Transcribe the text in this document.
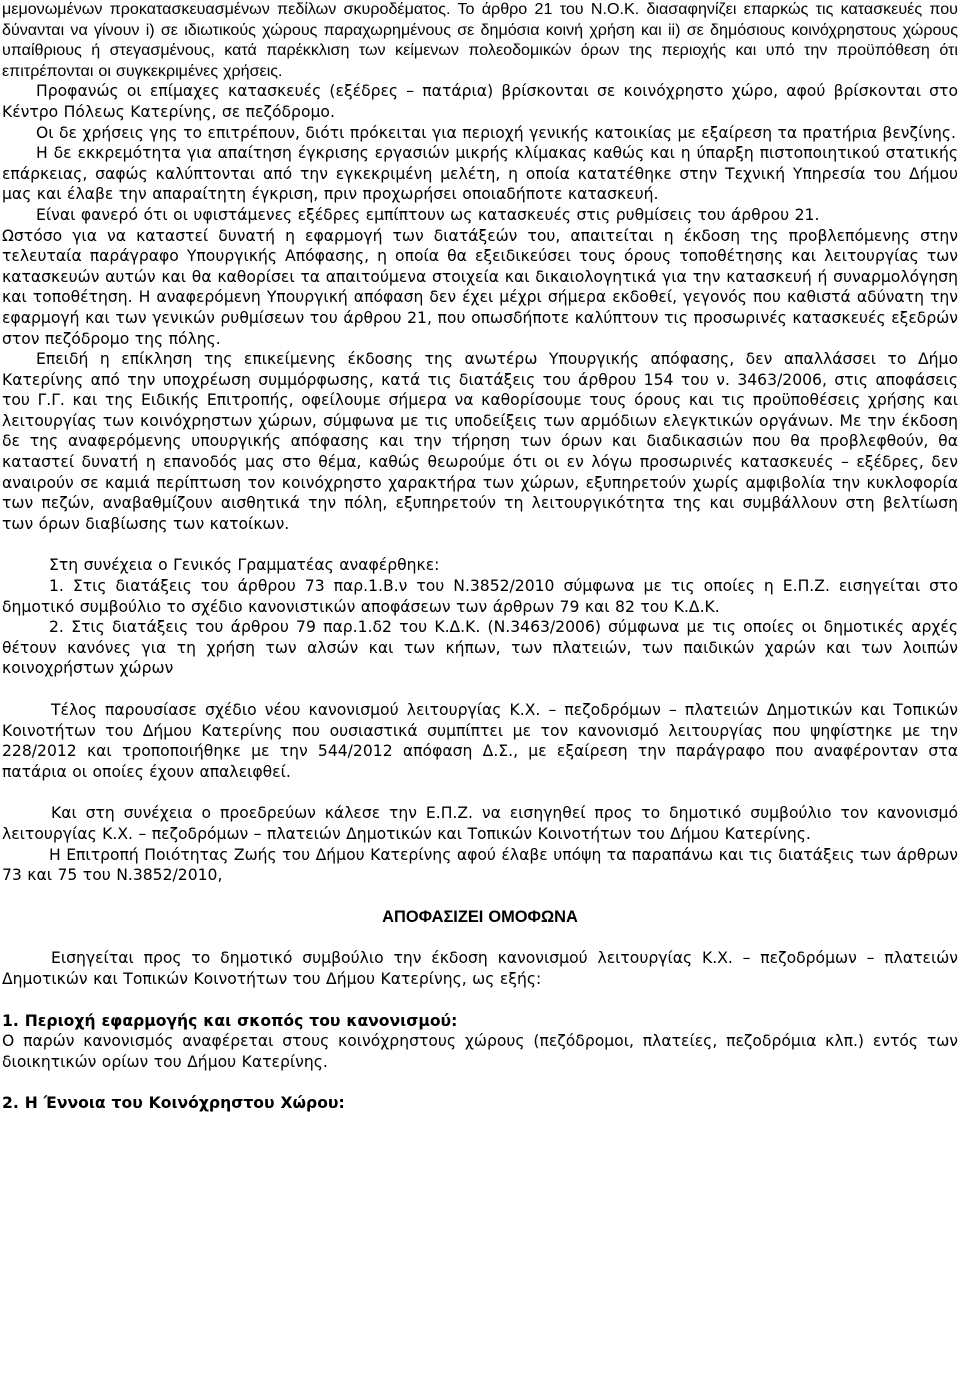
μεμονωμένων προκατασκευασμένων πεδίλων σκυροδέματος. Το άρθρο 21 του Ν.Ο.Κ. διασαφηνίζει επαρκώς τις κατασκευές που δύνανται να γίνουν i) σε ιδιωτικούς χώρους παραχωρημένους σε δημόσια κοινή χρήση και ii) σε δημόσιους κοινόχρηστους χώρους υπαίθριους ή στεγασμένους, κατά παρέκκλιση των κείμενων πολεοδομικών όρων της περιοχής και υπό την προϋπόθεση ότι επιτρέπονται οι συγκεκριμένες χρήσεις.

Προφανώς οι επίμαχες κατασκευές (εξέδρες – πατάρια) βρίσκονται σε κοινόχρηστο χώρο, αφού βρίσκονται στο Κέντρο Πόλεως Κατερίνης, σε πεζόδρομο.

Οι δε χρήσεις γης το επιτρέπουν, διότι πρόκειται για περιοχή γενικής κατοικίας με εξαίρεση τα πρατήρια βενζίνης.

Η δε εκκρεμότητα για απαίτηση έγκρισης εργασιών μικρής κλίμακας καθώς και η ύπαρξη πιστοποιητικού στατικής επάρκειας, σαφώς καλύπτονται από την εγκεκριμένη μελέτη, η οποία κατατέθηκε στην Τεχνική Υπηρεσία του Δήμου μας και έλαβε την απαραίτητη έγκριση, πριν προχωρήσει οποιαδήποτε κατασκευή.

Είναι φανερό ότι οι υφιστάμενες εξέδρες εμπίπτουν ως κατασκευές στις ρυθμίσεις του άρθρου 21.

Ωστόσο για να καταστεί δυνατή η εφαρμογή των διατάξεών του, απαιτείται η έκδοση της προβλεπόμενης στην τελευταία παράγραφο Υπουργικής Απόφασης, η οποία θα εξειδικεύσει τους όρους τοποθέτησης και λειτουργίας των κατασκευών αυτών και θα καθορίσει τα απαιτούμενα στοιχεία και δικαιολογητικά για την κατασκευή ή συναρμολόγηση και τοποθέτηση. Η αναφερόμενη Υπουργική απόφαση δεν έχει μέχρι σήμερα εκδοθεί, γεγονός που καθιστά αδύνατη την εφαρμογή και των γενικών ρυθμίσεων του άρθρου 21, που οπωσδήποτε καλύπτουν τις προσωρινές κατασκευές εξεδρών στον πεζόδρομο της πόλης.

Επειδή η επίκληση της επικείμενης έκδοσης της ανωτέρω Υπουργικής απόφασης, δεν απαλλάσσει το Δήμο Κατερίνης από την υποχρέωση συμμόρφωσης, κατά τις διατάξεις του άρθρου 154 του ν. 3463/2006, στις αποφάσεις του Γ.Γ. και της Ειδικής Επιτροπής, οφείλουμε σήμερα να καθορίσουμε τους όρους και τις προϋποθέσεις χρήσης και λειτουργίας των κοινόχρηστων χώρων, σύμφωνα με τις υποδείξεις των αρμόδιων ελεγκτικών οργάνων. Με την έκδοση δε της αναφερόμενης υπουργικής απόφασης και την τήρηση των όρων και διαδικασιών που θα προβλεφθούν, θα καταστεί δυνατή η επανοδός μας στο θέμα, καθώς θεωρούμε ότι οι εν λόγω προσωρινές κατασκευές – εξέδρες, δεν αναιρούν σε καμιά περίπτωση τον κοινόχρηστο χαρακτήρα των χώρων, εξυπηρετούν χωρίς αμφιβολία την κυκλοφορία των πεζών, αναβαθμίζουν αισθητικά την πόλη, εξυπηρετούν τη λειτουργικότητα της και συμβάλλουν στη βελτίωση των όρων διαβίωσης των κατοίκων.

Στη συνέχεια ο Γενικός Γραμματέας αναφέρθηκε:

1. Στις διατάξεις του άρθρου 73 παρ.1.Β.ν του Ν.3852/2010 σύμφωνα με τις οποίες η Ε.Π.Ζ. εισηγείται στο δημοτικό συμβούλιο το σχέδιο κανονιστικών αποφάσεων των άρθρων 79 και 82 του Κ.Δ.Κ.

2. Στις διατάξεις του άρθρου 79 παρ.1.δ2 του Κ.Δ.Κ. (Ν.3463/2006) σύμφωνα με τις οποίες οι δημοτικές αρχές θέτουν κανόνες για τη χρήση των αλσών και των κήπων, των πλατειών, των παιδικών χαρών και των λοιπών κοινοχρήστων χώρων

Τέλος παρουσίασε σχέδιο νέου κανονισμού λειτουργίας Κ.Χ. – πεζοδρόμων – πλατειών Δημοτικών και Τοπικών Κοινοτήτων του Δήμου Κατερίνης που ουσιαστικά συμπίπτει με τον κανονισμό λειτουργίας που ψηφίστηκε με την 228/2012 και τροποποιήθηκε με την 544/2012 απόφαση Δ.Σ., με εξαίρεση την παράγραφο που αναφέρονταν στα πατάρια οι οποίες έχουν απαλειφθεί.

Και στη συνέχεια ο προεδρεύων κάλεσε την Ε.Π.Ζ. να εισηγηθεί προς το δημοτικό συμβούλιο τον κανονισμό λειτουργίας Κ.Χ. – πεζοδρόμων – πλατειών Δημοτικών και Τοπικών Κοινοτήτων του Δήμου Κατερίνης.

Η Επιτροπή Ποιότητας Ζωής του Δήμου Κατερίνης αφού έλαβε υπόψη τα παραπάνω και τις διατάξεις των άρθρων 73 και 75 του Ν.3852/2010,

ΑΠΟΦΑΣΙΖΕΙ ΟΜΟΦΩΝΑ

Εισηγείται προς το δημοτικό συμβούλιο την έκδοση κανονισμού λειτουργίας Κ.Χ. – πεζοδρόμων – πλατειών Δημοτικών και Τοπικών Κοινοτήτων του Δήμου Κατερίνης, ως εξής:

1. Περιοχή εφαρμογής και σκοπός του κανονισμού:

Ο παρών κανονισμός αναφέρεται στους κοινόχρηστους χώρους (πεζόδρομοι, πλατείες, πεζοδρόμια κλπ.) εντός των διοικητικών ορίων του Δήμου Κατερίνης.

2. Η Έννοια του Κοινόχρηστου Χώρου:
